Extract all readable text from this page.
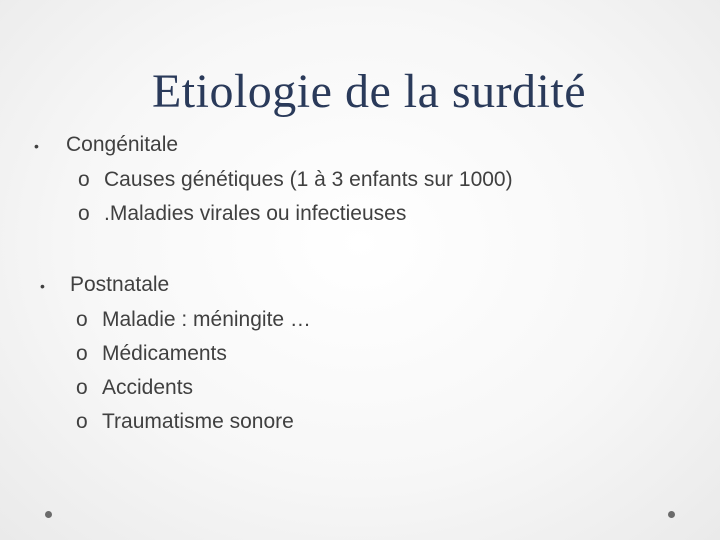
Etiologie de la surdité
•	Congénitale
o Causes génétiques (1 à 3 enfants sur 1000)
o .Maladies virales ou infectieuses
•	Postnatale
o Maladie : méningite …
o Médicaments
o Accidents
o Traumatisme sonore
